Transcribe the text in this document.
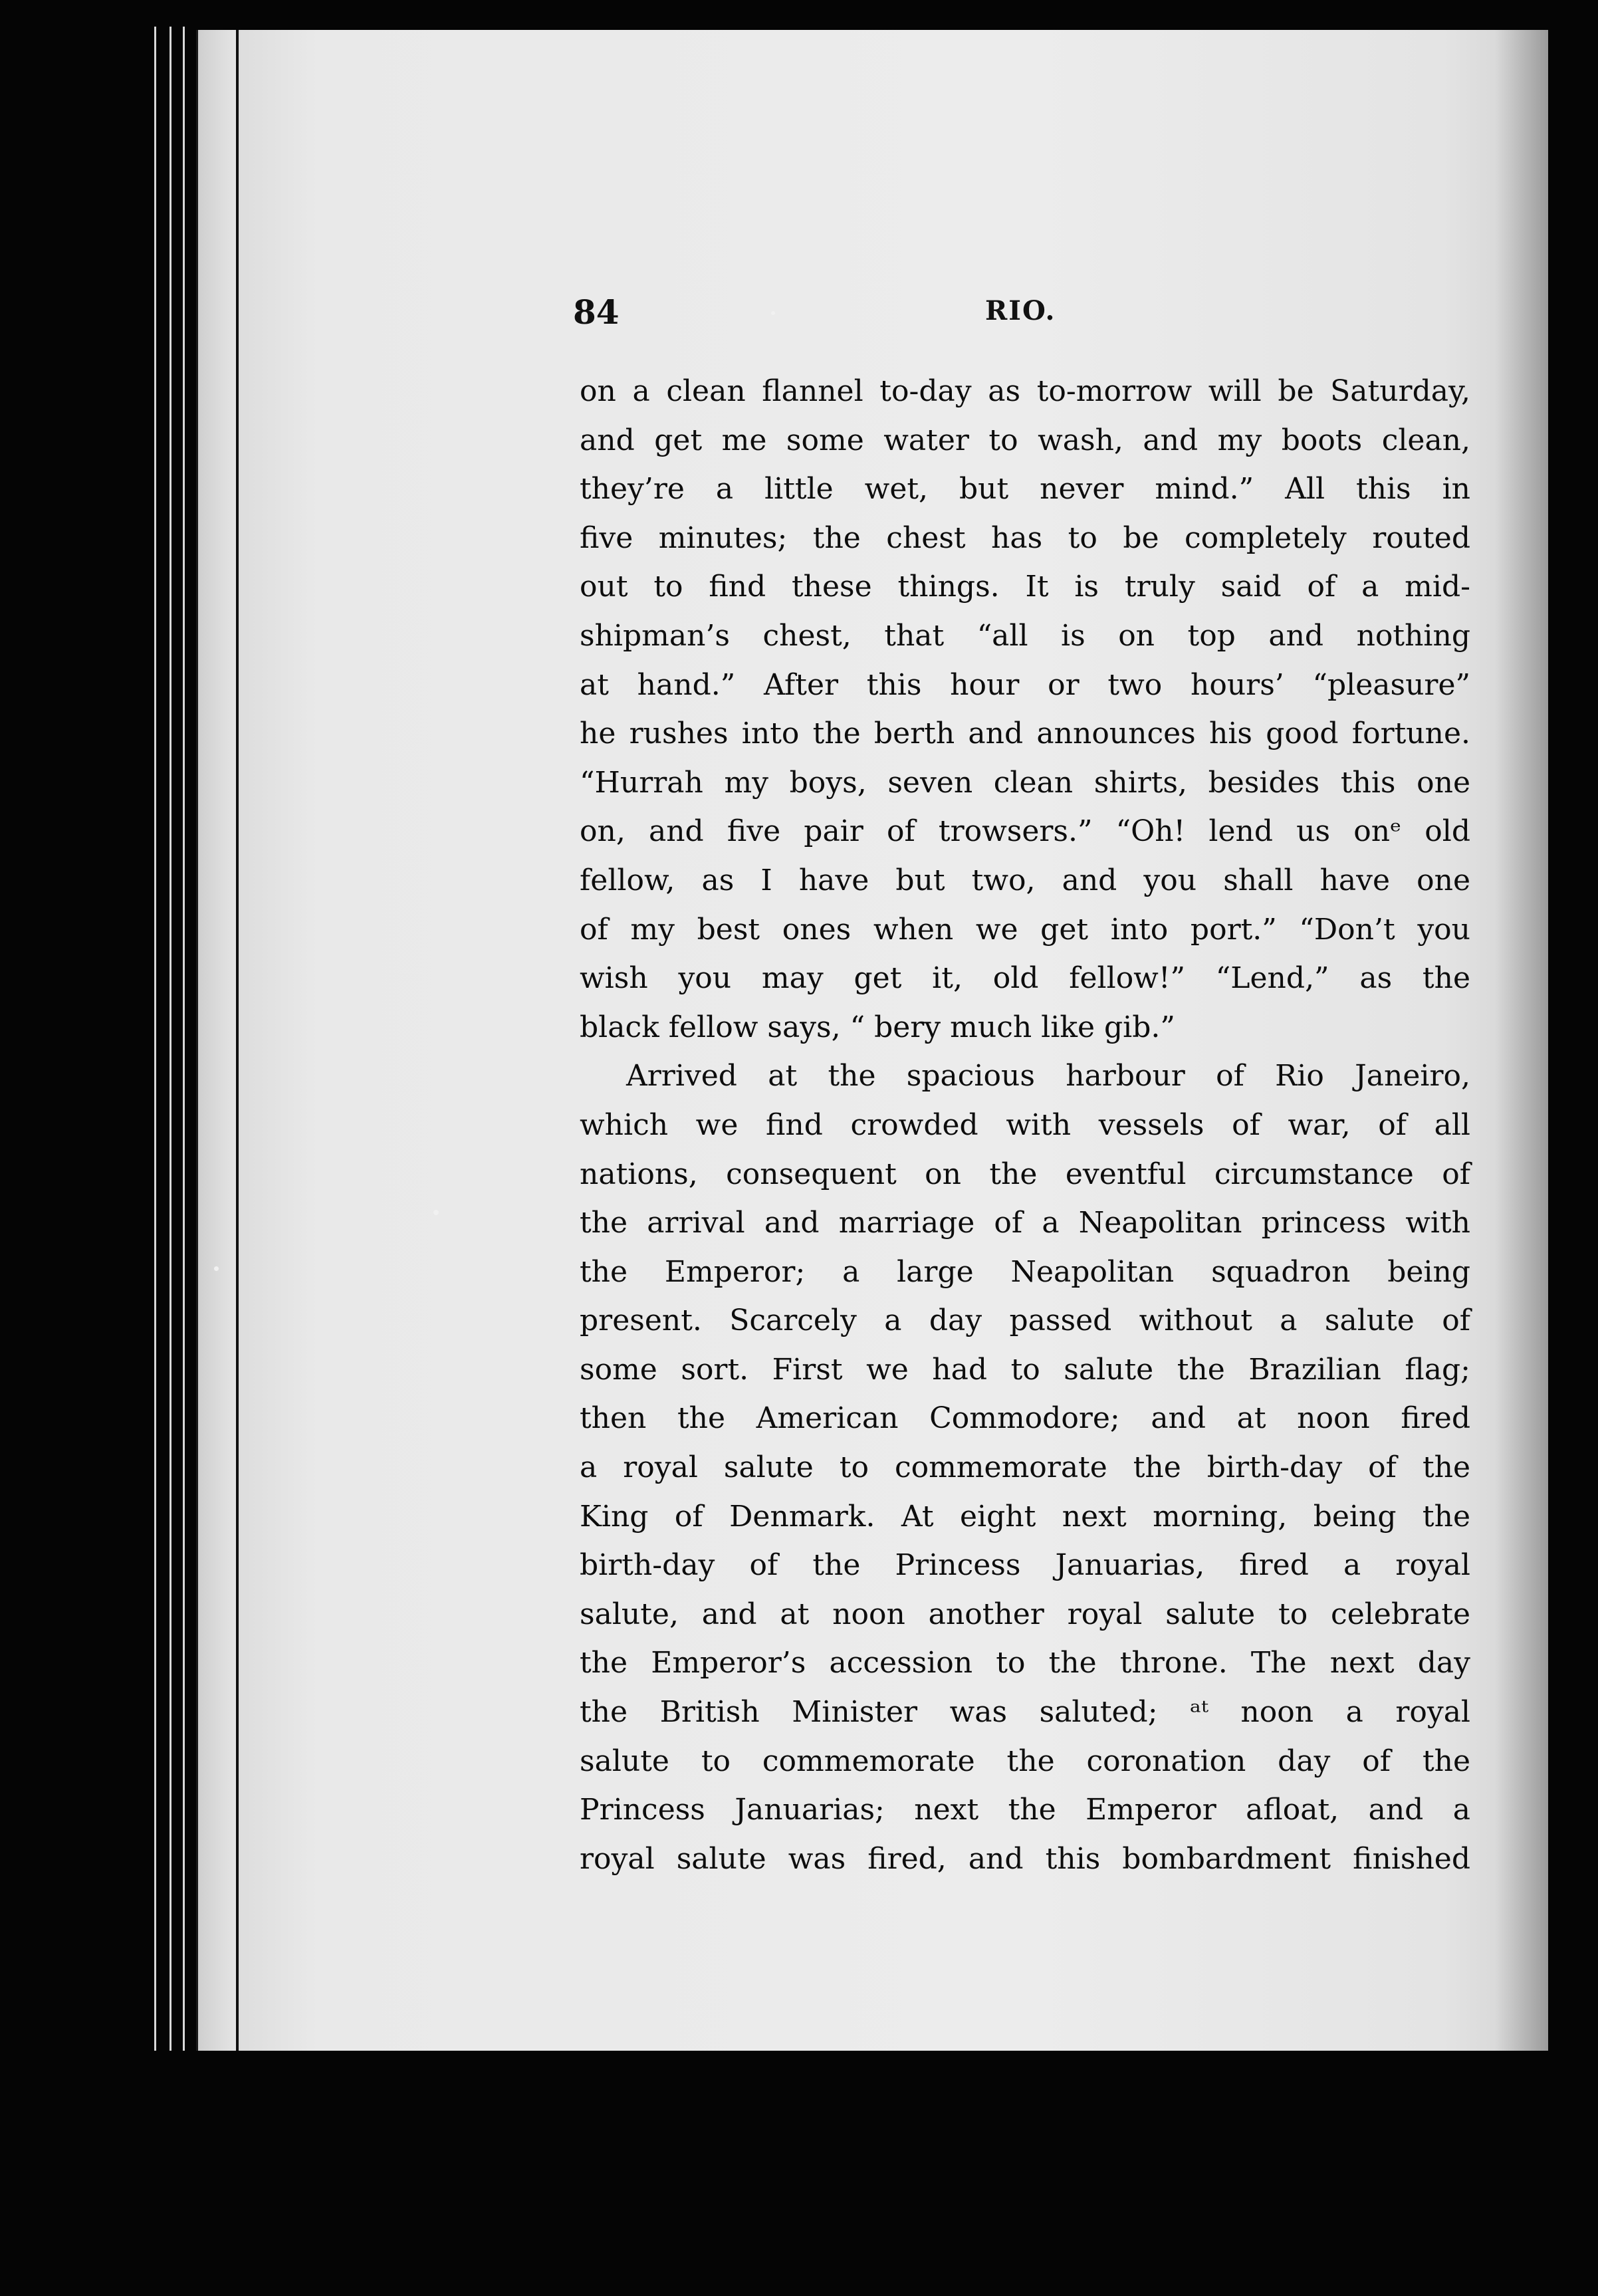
84	RIO.
on a clean flannel to-day as to-morrow will be Saturday,
and get me some water to wash, and my boots clean,
they’re a little wet, but never mind.” All this in
five minutes; the chest has to be completely routed
out to find these things. It is truly said of a mid-
shipman’s chest, that “all is on top and nothing
at hand.” After this hour or two hours’ “pleasure”
he rushes into the berth and announces his good fortune.
“Hurrah my boys, seven clean shirts, besides this one
on, and five pair of trowsers.” “Oh! lend us onᵉ old
fellow, as I have but two, and you shall have one
of my best ones when we get into port.” “Don’t you
wish you may get it, old fellow!” “Lend,” as the
black fellow says, “ bery much like gib.”
Arrived at the spacious harbour of Rio Janeiro,
which we find crowded with vessels of war, of all
nations, consequent on the eventful circumstance of
the arrival and marriage of a Neapolitan princess with
the Emperor; a large Neapolitan squadron being
present. Scarcely a day passed without a salute of
some sort. First we had to salute the Brazilian flag;
then the American Commodore; and at noon fired
a royal salute to commemorate the birth-day of the
King of Denmark. At eight next morning, being the
birth-day of the Princess Januarias, fired a royal
salute, and at noon another royal salute to celebrate
the Emperor’s accession to the throne. The next day
the British Minister was saluted; ᵃᵗ noon a royal
salute to commemorate the coronation day of the
Princess Januarias; next the Emperor afloat, and a
royal salute was fired, and this bombardment finished
